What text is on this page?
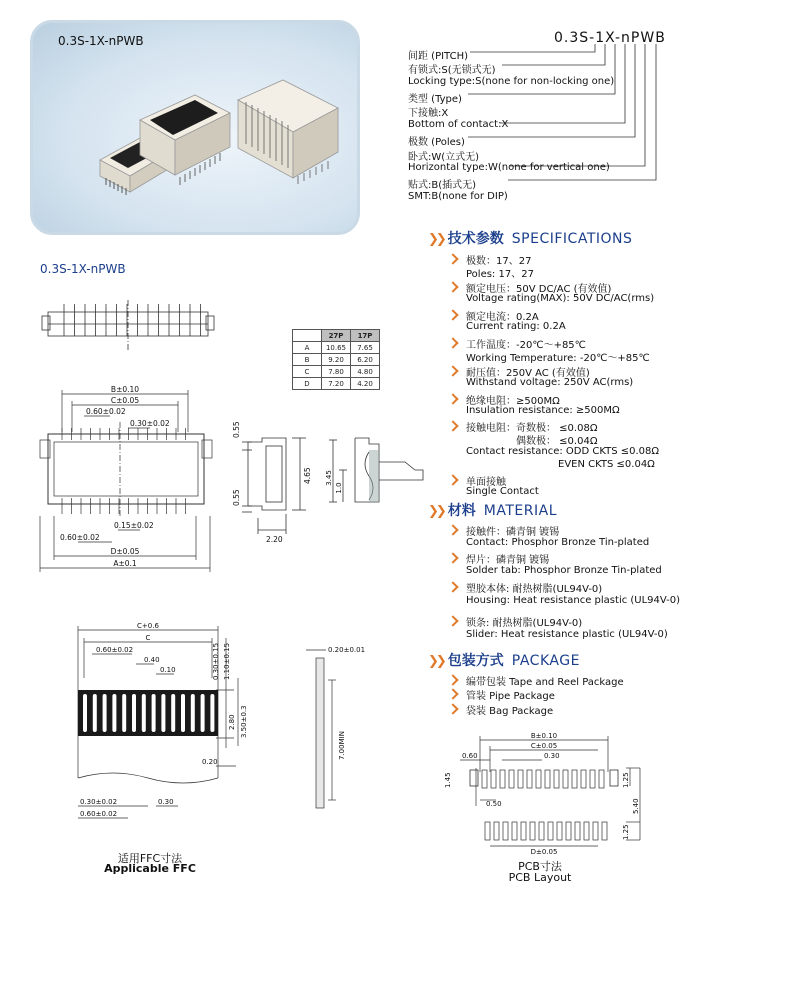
0.3S-1X-nPWB	0.3S-1X-nPWB
间距 (PITCH)
有锁式:S(无锁式无)
Locking type:S(none for non-locking one)
类型 (Type)
下接触:X
Bottom of contact:X
极数 (Poles)
卧式:W(立式无)
Horizontal type:W(none for vertical one)
贴式:B(插式无)
SMT:B(none for DIP)
❯❯ 技术参数 SPECIFICATIONS
极数：17、27
Poles: 17、27
额定电压：50V DC/AC (有效值)
Voltage rating(MAX): 50V DC/AC(rms)
额定电流：0.2A
Current rating: 0.2A
工作温度：-20℃～+85℃
Working Temperature: -20℃～+85℃
耐压值：250V AC (有效值)
Withstand voltage: 250V AC(rms)
绝缘电阻：≥500MΩ
Insulation resistance: ≥500MΩ
接触电阻：奇数极： ≤0.08Ω
偶数极： ≤0.04Ω
Contact resistance: ODD CKTS ≤0.08Ω
EVEN CKTS ≤0.04Ω
单面接触
Single Contact
❯❯ 材料 MATERIAL
接触件：磷青铜 镀锡
Contact: Phosphor Bronze Tin-plated
焊片：磷青铜 镀锡
Solder tab: Phosphor Bronze Tin-plated
塑胶本体: 耐热树脂(UL94V-0)
Housing: Heat resistance plastic (UL94V-0)
锁条: 耐热树脂(UL94V-0)
Slider: Heat resistance plastic (UL94V-0)
❯❯ 包装方式 PACKAGE
编带包装 Tape and Reel Package
管装 Pipe Package
袋装 Bag Package
0.3S-1X-nPWB
	27P	17P
A	10.65	7.65
B	9.20	6.20
C	7.80	4.80
D	7.20	4.20
B±0.10
C±0.05
0.60±0.02
0.30±0.02
0.15±0.02
0.60±0.02
D±0.05
A±0.1
0.55
0.55
4.65
2.20
3.45
1.0
C+0.6
C
0.60±0.02
0.40
0.10	0.30±0.15 1.10±0.15
2.80 3.50±0.3
0.20
0.30±0.02	0.30
0.60±0.02
0.20±0.01
7.00MIN
适用FFC寸法
Applicable FFC
B±0.10
C±0.05
0.60	0.30
1.45	1.25
5.40
1.25
0.50
D±0.05
PCB寸法
PCB Layout
